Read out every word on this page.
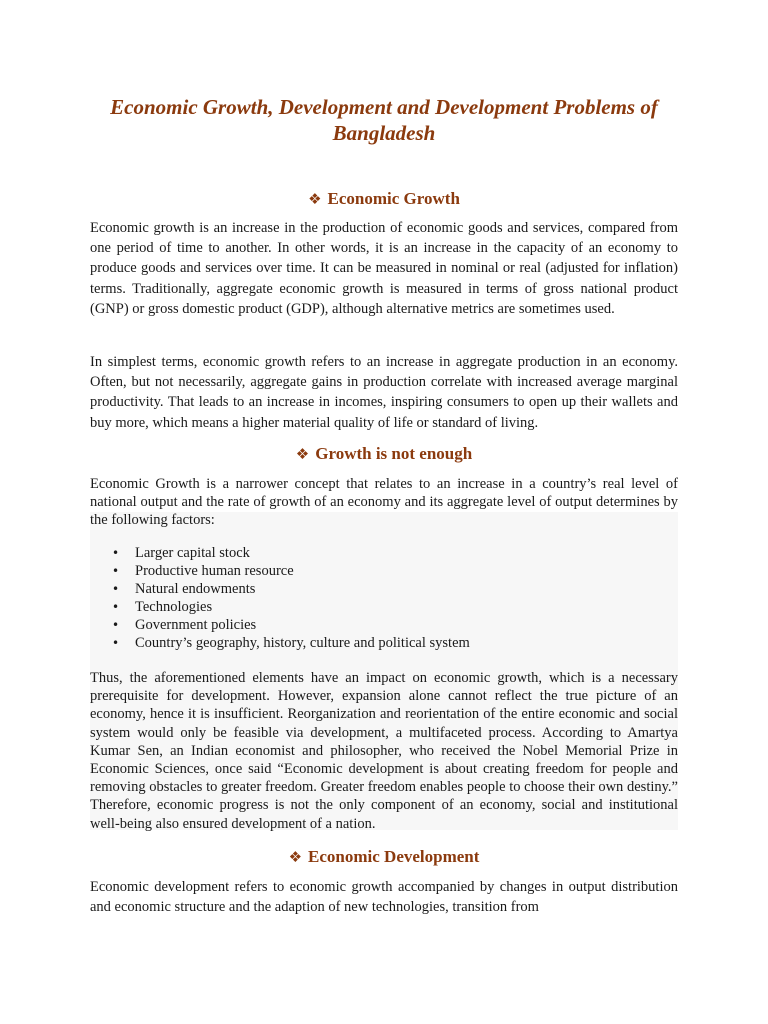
Economic Growth, Development and Development Problems of Bangladesh
❖ Economic Growth

Economic growth is an increase in the production of economic goods and services, compared from one period of time to another. In other words, it is an increase in the capacity of an economy to produce goods and services over time. It can be measured in nominal or real (adjusted for inflation) terms. Traditionally, aggregate economic growth is measured in terms of gross national product (GNP) or gross domestic product (GDP), although alternative metrics are sometimes used.

In simplest terms, economic growth refers to an increase in aggregate production in an economy. Often, but not necessarily, aggregate gains in production correlate with increased average marginal productivity. That leads to an increase in incomes, inspiring consumers to open up their wallets and buy more, which means a higher material quality of life or standard of living.

❖ Growth is not enough

Economic Growth is a narrower concept that relates to an increase in a country’s real level of national output and the rate of growth of an economy and its aggregate level of output determines by the following factors:

• Larger capital stock
• Productive human resource
• Natural endowments
• Technologies
• Government policies
• Country’s geography, history, culture and political system

Thus, the aforementioned elements have an impact on economic growth, which is a necessary prerequisite for development. However, expansion alone cannot reflect the true picture of an economy, hence it is insufficient. Reorganization and reorientation of the entire economic and social system would only be feasible via development, a multifaceted process. According to Amartya Kumar Sen, an Indian economist and philosopher, who received the Nobel Memorial Prize in Economic Sciences, once said “Economic development is about creating freedom for people and removing obstacles to greater freedom. Greater freedom enables people to choose their own destiny.” Therefore, economic progress is not the only component of an economy, social and institutional well-being also ensured development of a nation.

❖ Economic Development

Economic development refers to economic growth accompanied by changes in output distribution and economic structure and the adaption of new technologies, transition from
